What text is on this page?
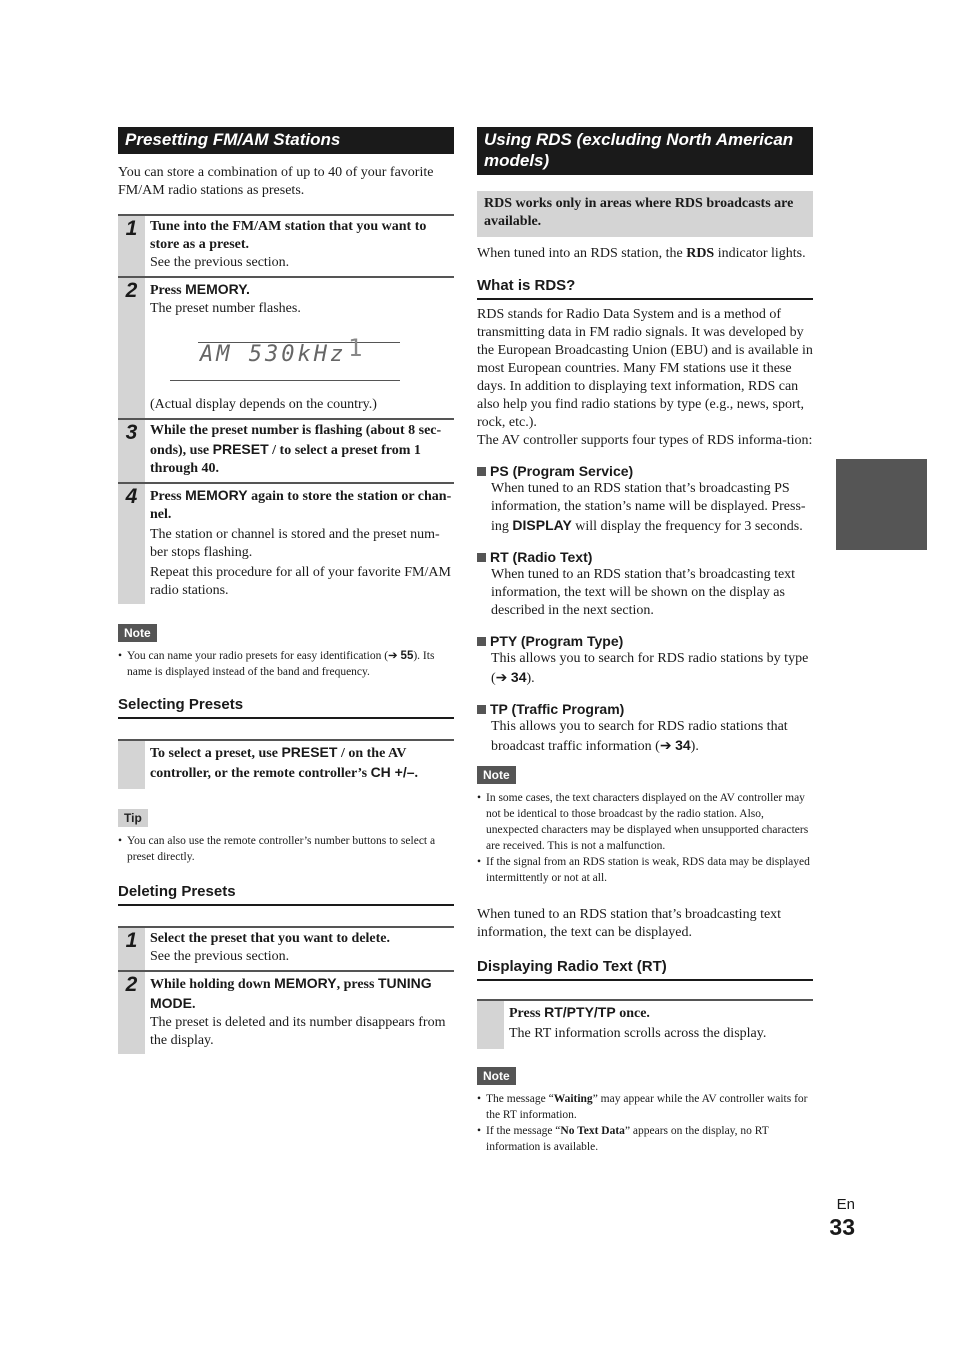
Presetting FM/AM Stations

You can store a combination of up to 40 of your favorite FM/AM radio stations as presets.

1 Tune into the FM/AM station that you want to store as a preset.
See the previous section.
2 Press MEMORY.
The preset number flashes.
AM 530kHz 1
(Actual display depends on the country.)
3 While the preset number is flashing (about 8 sec-onds), use PRESET / to select a preset from 1 through 40.
4 Press MEMORY again to store the station or chan-nel.
The station or channel is stored and the preset num-ber stops flashing.
Repeat this procedure for all of your favorite FM/AM radio stations.
Note
• You can name your radio presets for easy identification (➔ 55). Its name is displayed instead of the band and frequency.
Selecting Presets
To select a preset, use PRESET / on the AV controller, or the remote controller’s CH +/–.
Tip
• You can also use the remote controller’s number buttons to select a preset directly.
Deleting Presets
1 Select the preset that you want to delete.
See the previous section.
2 While holding down MEMORY, press TUNING MODE.
The preset is deleted and its number disappears from the display.
Using RDS (excluding North American models)
RDS works only in areas where RDS broadcasts are available.

When tuned into an RDS station, the RDS indicator lights.

What is RDS?

RDS stands for Radio Data System and is a method of transmitting data in FM radio signals. It was developed by the European Broadcasting Union (EBU) and is available in most European countries. Many FM stations use it these days. In addition to displaying text information, RDS can also help you find radio stations by type (e.g., news, sport, rock, etc.).

The AV controller supports four types of RDS informa-tion:

PS (Program Service)

When tuned to an RDS station that’s broadcasting PS information, the station’s name will be displayed. Press-ing DISPLAY will display the frequency for 3 seconds.

RT (Radio Text)

When tuned to an RDS station that’s broadcasting text information, the text will be shown on the display as described in the next section.

PTY (Program Type)

This allows you to search for RDS radio stations by type (➔ 34).

TP (Traffic Program)

This allows you to search for RDS radio stations that broadcast traffic information (➔ 34).

Note
• In some cases, the text characters displayed on the AV controller may not be identical to those broadcast by the radio station. Also, unexpected characters may be displayed when unsupported characters are received. This is not a malfunction.
• If the signal from an RDS station is weak, RDS data may be displayed intermittently or not at all.

When tuned to an RDS station that’s broadcasting text information, the text can be displayed.

Displaying Radio Text (RT)
Press RT/PTY/TP once.
The RT information scrolls across the display.
Note
• The message “Waiting” may appear while the AV controller waits for the RT information.
• If the message “No Text Data” appears on the display, no RT information is available.
En
33
